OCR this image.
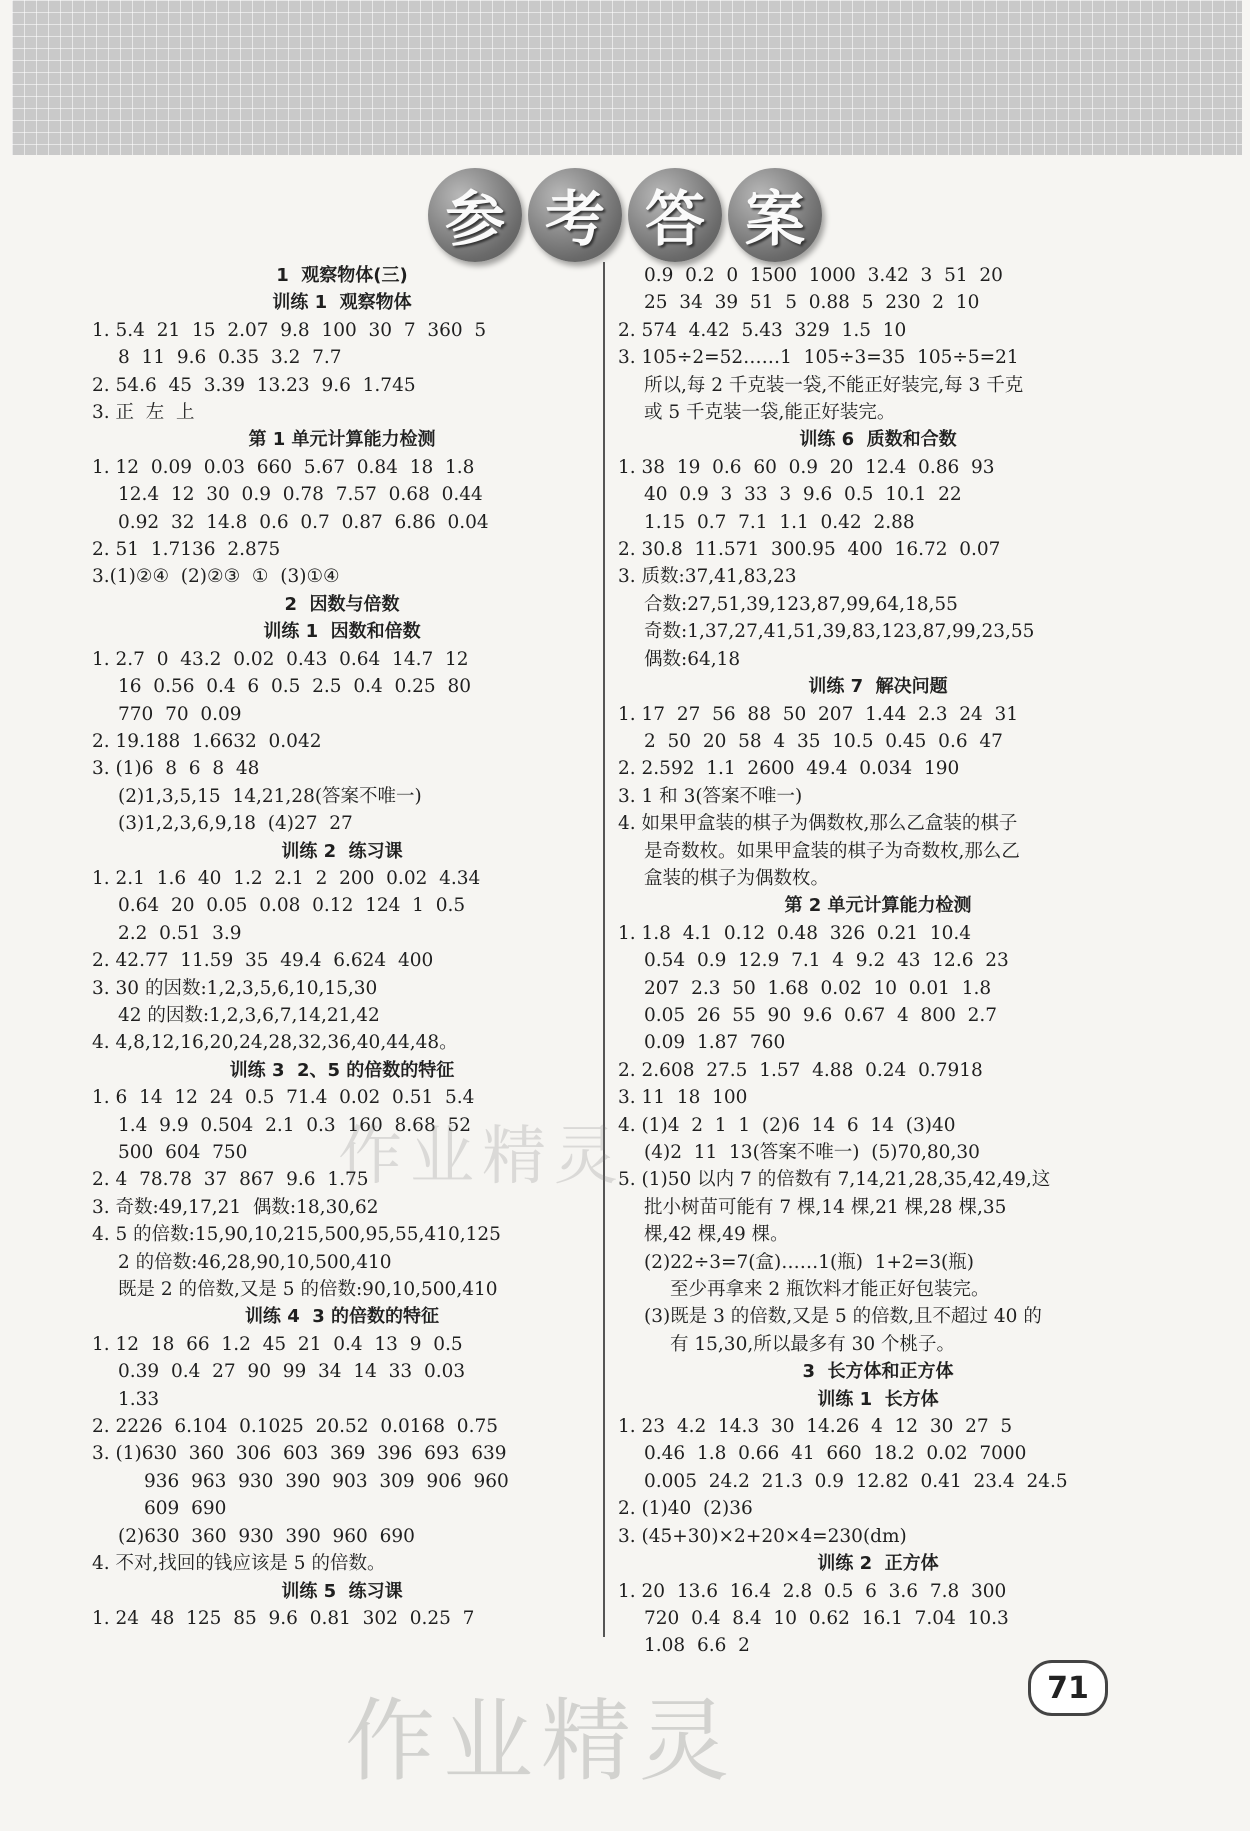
参 考 答 案
1  观察物体(三)
训练 1  观察物体
1. 5.4  21  15  2.07  9.8  100  30  7  360  5
8  11  9.6  0.35  3.2  7.7
2. 54.6  45  3.39  13.23  9.6  1.745
3. 正  左  上
第 1 单元计算能力检测
1. 12  0.09  0.03  660  5.67  0.84  18  1.8
12.4  12  30  0.9  0.78  7.57  0.68  0.44
0.92  32  14.8  0.6  0.7  0.87  6.86  0.04
2. 51  1.7136  2.875
3.(1)②④  (2)②③  ①  (3)①④
2  因数与倍数
训练 1  因数和倍数
1. 2.7  0  43.2  0.02  0.43  0.64  14.7  12
16  0.56  0.4  6  0.5  2.5  0.4  0.25  80
770  70  0.09
2. 19.188  1.6632  0.042
3. (1)6  8  6  8  48
(2)1,3,5,15  14,21,28(答案不唯一)
(3)1,2,3,6,9,18  (4)27  27
训练 2  练习课
1. 2.1  1.6  40  1.2  2.1  2  200  0.02  4.34
0.64  20  0.05  0.08  0.12  124  1  0.5
2.2  0.51  3.9
2. 42.77  11.59  35  49.4  6.624  400
3. 30 的因数:1,2,3,5,6,10,15,30
42 的因数:1,2,3,6,7,14,21,42
4. 4,8,12,16,20,24,28,32,36,40,44,48。
训练 3  2、5 的倍数的特征
1. 6  14  12  24  0.5  71.4  0.02  0.51  5.4
1.4  9.9  0.504  2.1  0.3  160  8.68  52
500  604  750
2. 4  78.78  37  867  9.6  1.75
3. 奇数:49,17,21  偶数:18,30,62
4. 5 的倍数:15,90,10,215,500,95,55,410,125
2 的倍数:46,28,90,10,500,410
既是 2 的倍数,又是 5 的倍数:90,10,500,410
训练 4  3 的倍数的特征
1. 12  18  66  1.2  45  21  0.4  13  9  0.5
0.39  0.4  27  90  99  34  14  33  0.03
1.33
2. 2226  6.104  0.1025  20.52  0.0168  0.75
3. (1)630  360  306  603  369  396  693  639
936  963  930  390  903  309  906  960
609  690
(2)630  360  930  390  960  690
4. 不对,找回的钱应该是 5 的倍数。
训练 5  练习课
1. 24  48  125  85  9.6  0.81  302  0.25  7
0.9  0.2  0  1500  1000  3.42  3  51  20
25  34  39  51  5  0.88  5  230  2  10
2. 574  4.42  5.43  329  1.5  10
3. 105÷2=52……1  105÷3=35  105÷5=21
所以,每 2 千克装一袋,不能正好装完,每 3 千克
或 5 千克装一袋,能正好装完。
训练 6  质数和合数
1. 38  19  0.6  60  0.9  20  12.4  0.86  93
40  0.9  3  33  3  9.6  0.5  10.1  22
1.15  0.7  7.1  1.1  0.42  2.88
2. 30.8  11.571  300.95  400  16.72  0.07
3. 质数:37,41,83,23
合数:27,51,39,123,87,99,64,18,55
奇数:1,37,27,41,51,39,83,123,87,99,23,55
偶数:64,18
训练 7  解决问题
1. 17  27  56  88  50  207  1.44  2.3  24  31
2  50  20  58  4  35  10.5  0.45  0.6  47
2. 2.592  1.1  2600  49.4  0.034  190
3. 1 和 3(答案不唯一)
4. 如果甲盒装的棋子为偶数枚,那么乙盒装的棋子
是奇数枚。如果甲盒装的棋子为奇数枚,那么乙
盒装的棋子为偶数枚。
第 2 单元计算能力检测
1. 1.8  4.1  0.12  0.48  326  0.21  10.4
0.54  0.9  12.9  7.1  4  9.2  43  12.6  23
207  2.3  50  1.68  0.02  10  0.01  1.8
0.05  26  55  90  9.6  0.67  4  800  2.7
0.09  1.87  760
2. 2.608  27.5  1.57  4.88  0.24  0.7918
3. 11  18  100
4. (1)4  2  1  1  (2)6  14  6  14  (3)40
(4)2  11  13(答案不唯一)  (5)70,80,30
5. (1)50 以内 7 的倍数有 7,14,21,28,35,42,49,这
批小树苗可能有 7 棵,14 棵,21 棵,28 棵,35
棵,42 棵,49 棵。
(2)22÷3=7(盒)……1(瓶)  1+2=3(瓶)
至少再拿来 2 瓶饮料才能正好包装完。
(3)既是 3 的倍数,又是 5 的倍数,且不超过 40 的
有 15,30,所以最多有 30 个桃子。
3  长方体和正方体
训练 1  长方体
1. 23  4.2  14.3  30  14.26  4  12  30  27  5
0.46  1.8  0.66  41  660  18.2  0.02  7000
0.005  24.2  21.3  0.9  12.82  0.41  23.4  24.5
2. (1)40  (2)36
3. (45+30)×2+20×4=230(dm)
训练 2  正方体
1. 20  13.6  16.4  2.8  0.5  6  3.6  7.8  300
720  0.4  8.4  10  0.62  16.1  7.04  10.3
1.08  6.6  2
作业精灵
作业精灵
71
